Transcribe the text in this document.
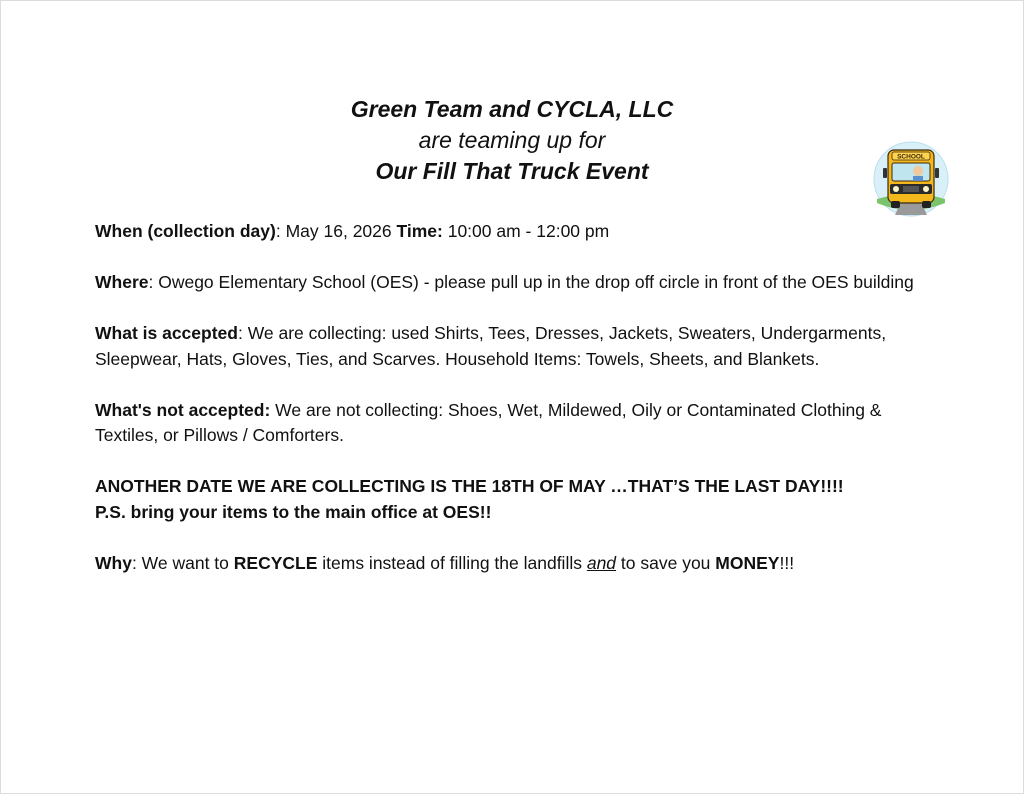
Green Team and CYCLA, LLC
are teaming up for
Our Fill That Truck Event
SCHOOL

When (collection day): May 16, 2026 Time: 10:00 am - 12:00 pm

Where: Owego Elementary School (OES) - please pull up in the drop off circle in front of the OES building

What is accepted: We are collecting: used Shirts, Tees, Dresses, Jackets, Sweaters, Undergarments, Sleepwear, Hats, Gloves, Ties, and Scarves. Household Items: Towels, Sheets, and Blankets.

What's not accepted: We are not collecting: Shoes, Wet, Mildewed, Oily or Contaminated Clothing & Textiles, or Pillows / Comforters.

ANOTHER DATE WE ARE COLLECTING IS THE 18TH OF MAY …THAT’S THE LAST DAY!!!!
P.S. bring your items to the main office at OES!!

Why: We want to RECYCLE items instead of filling the landfills and to save you MONEY!!!
